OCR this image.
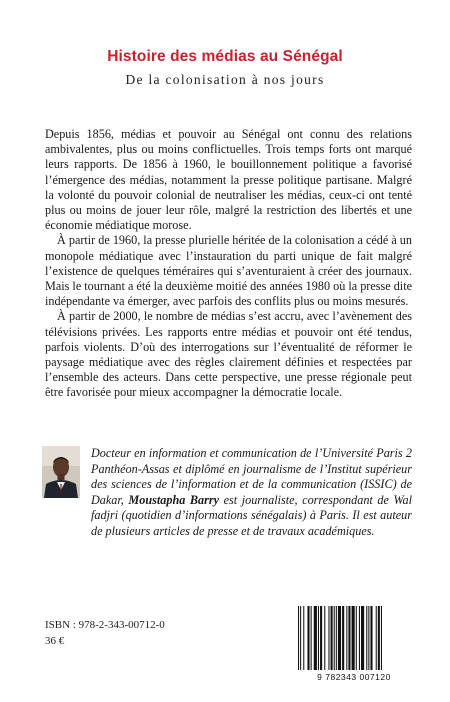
Histoire des médias au Sénégal
De la colonisation à nos jours

Depuis 1856, médias et pouvoir au Sénégal ont connu des relations ambivalentes, plus ou moins conflictuelles. Trois temps forts ont marqué leurs rapports. De 1856 à 1960, le bouillonnement politique a favorisé l’émergence des médias, notamment la presse politique partisane. Malgré la volonté du pouvoir colonial de neutraliser les médias, ceux-ci ont tenté plus ou moins de jouer leur rôle, malgré la restriction des libertés et une économie médiatique morose.

À partir de 1960, la presse plurielle héritée de la colonisation a cédé à un monopole médiatique avec l’instauration du parti unique de fait malgré l’existence de quelques téméraires qui s’aventuraient à créer des journaux. Mais le tournant a été la deuxième moitié des années 1980 où la presse dite indépendante va émerger, avec parfois des conflits plus ou moins mesurés.

À partir de 2000, le nombre de médias s’est accru, avec l’avènement des télévisions privées. Les rapports entre médias et pouvoir ont été tendus, parfois violents. D’où des interrogations sur l’éventualité de réformer le paysage médiatique avec des règles clairement définies et respectées par l’ensemble des acteurs. Dans cette perspective, une presse régionale peut être favorisée pour mieux accompagner la démocratie locale.

Docteur en information et communication de l’Université Paris 2 Panthéon-Assas et diplômé en journalisme de l’Institut supérieur des sciences de l’information et de la communication (ISSIC) de Dakar, Moustapha Barry est journaliste, correspondant de Wal fadjri (quotidien d’informations sénégalais) à Paris. Il est auteur de plusieurs articles de presse et de travaux académiques.
ISBN : 978-2-343-00712-0
36 €
9 782343 007120
